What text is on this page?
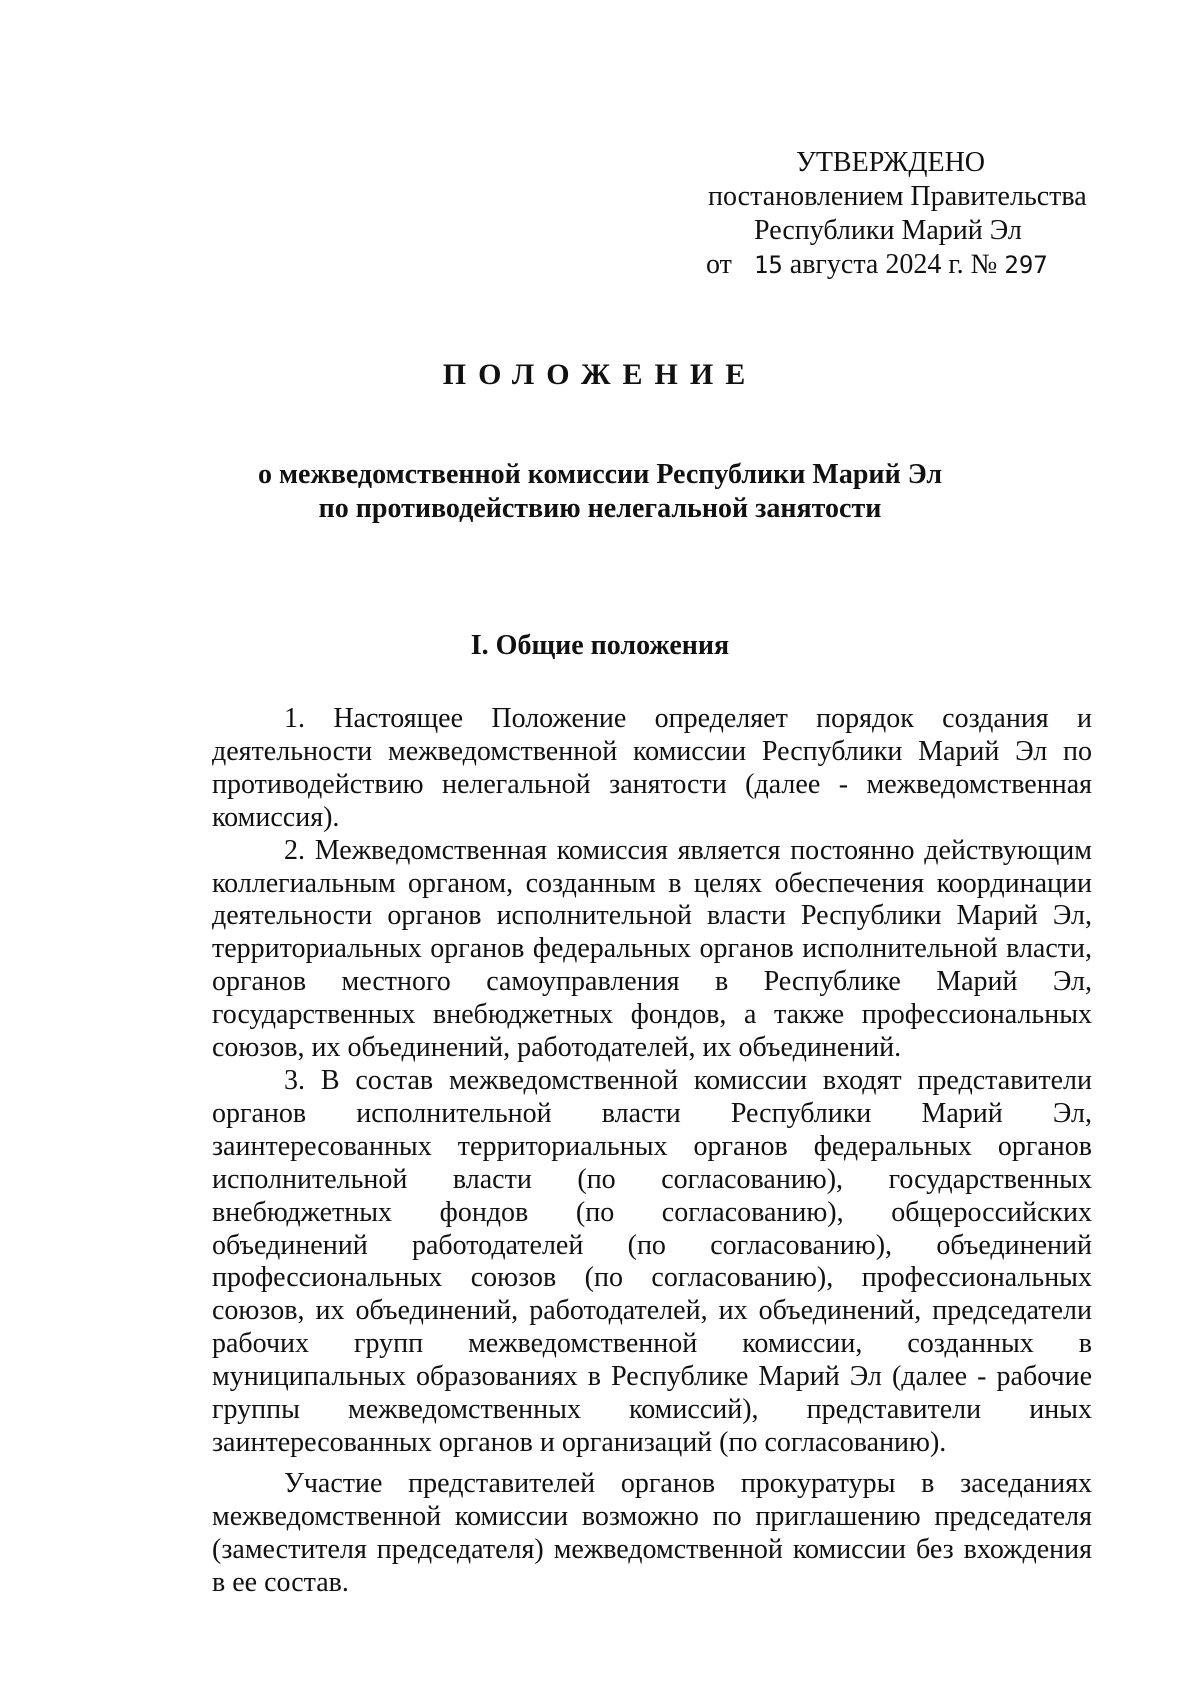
УТВЕРЖДЕНО
постановлением Правительства
Республики Марий Эл
от 15 августа 2024 г. № 297
ПОЛОЖЕНИЕ
о межведомственной комиссии Республики Марий Эл
по противодействию нелегальной занятости
I. Общие положения

1. Настоящее Положение определяет порядок создания и деятельности межведомственной комиссии Республики Марий Эл по противодействию нелегальной занятости (далее - межведомственная комиссия).

2. Межведомственная комиссия является постоянно действующим коллегиальным органом, созданным в целях обеспечения координации деятельности органов исполнительной власти Республики Марий Эл, территориальных органов федеральных органов исполнительной власти, органов местного самоуправления в Республике Марий Эл, государственных внебюджетных фондов, а также профессиональных союзов, их объединений, работодателей, их объединений.

3. В состав межведомственной комиссии входят представители органов исполнительной власти Республики Марий Эл, заинтересованных территориальных органов федеральных органов исполнительной власти (по согласованию), государственных внебюджетных фондов (по согласованию), общероссийских объединений работодателей (по согласованию), объединений профессиональных союзов (по согласованию), профессиональных союзов, их объединений, работодателей, их объединений, председатели рабочих групп межведомственной комиссии, созданных в муниципальных образованиях в Республике Марий Эл (далее - рабочие группы межведомственных комиссий), представители иных заинтересованных органов и организаций (по согласованию).

Участие представителей органов прокуратуры в заседаниях межведомственной комиссии возможно по приглашению председателя (заместителя председателя) межведомственной комиссии без вхождения в ее состав.
